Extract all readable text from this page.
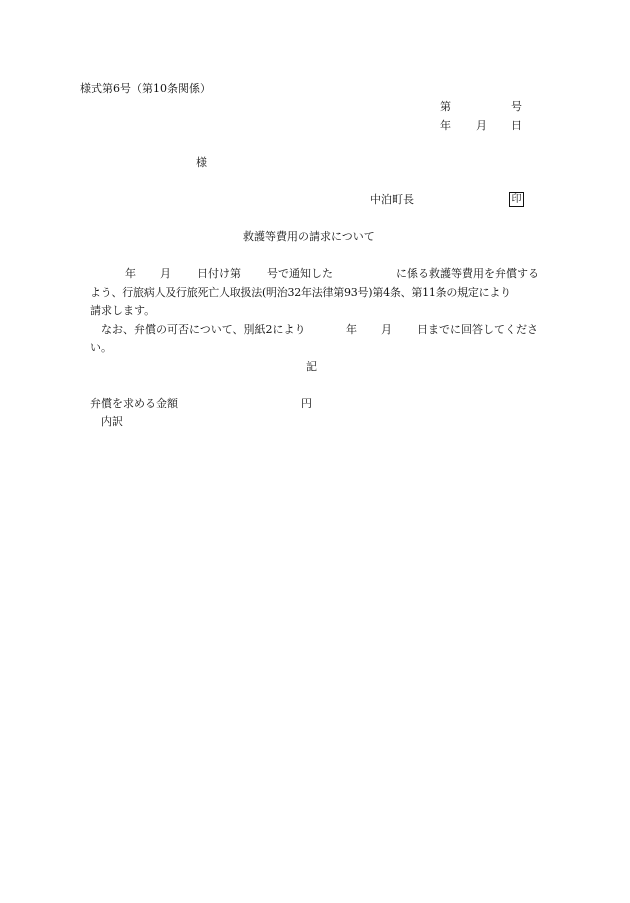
様式第6号（第10条関係）
第	号
年 月 日
様
中泊町長	印
救護等費用の請求について
年 月 日付け第 号で通知した	に係る救護等費用を弁償する
よう、行旅病人及行旅死亡人取扱法(明治32年法律第93号)第4条、第11条の規定により
請求します。
なお、弁償の可否について、別紙2により	年 月 日までに回答してくださ
い。
記
弁償を求める金額	円
内訳
